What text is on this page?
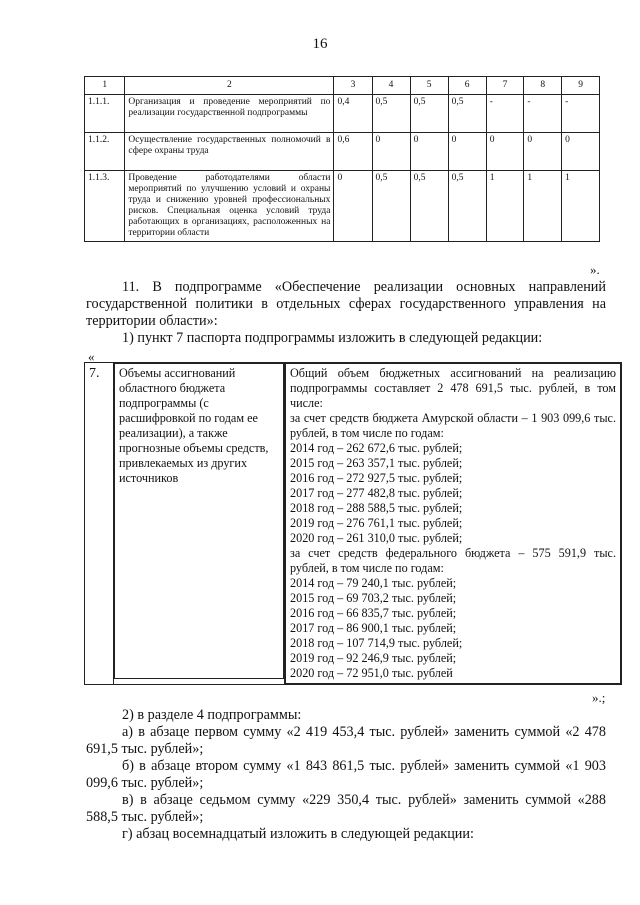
16
1	2	3	4	5	6	7	8	9
1.1.1.	Организация и проведение мероприятий по реализации государственной подпрограммы	0,4	0,5	0,5	0,5	-	-	-
1.1.2.	Осуществление государственных полномочий в сфере охраны труда	0,6	0	0	0	0	0	0
1.1.3.	Проведение работодателями области мероприятий по улучшению условий и охраны труда и снижению уровней профессиональных рисков. Специальная оценка условий труда работающих в организациях, расположенных на территории области	0	0,5	0,5	0,5	1	1	1
».
11. В подпрограмме «Обеспечение реализации основных направлений государственной политики в отдельных сферах государственного управления на территории области»:
1) пункт 7 паспорта подпрограммы изложить в следующей редакции:
«
7.	Объемы ассигнований областного бюджета подпрограммы (с расшифровкой по годам ее реализации), а также прогнозные объемы средств, привлекаемых из других источников

Общий объем бюджетных ассигнований на реализацию подпрограммы составляет 2 478 691,5 тыс. рублей, в том числе:
за счет средств бюджета Амурской области – 1 903 099,6 тыс. рублей, в том числе по годам:
2014 год – 262 672,6 тыс. рублей;
2015 год – 263 357,1 тыс. рублей;
2016 год – 272 927,5 тыс. рублей;
2017 год – 277 482,8 тыс. рублей;
2018 год – 288 588,5 тыс. рублей;
2019 год – 276 761,1 тыс. рублей;
2020 год – 261 310,0 тыс. рублей;
за счет средств федерального бюджета – 575 591,9 тыс. рублей, в том числе по годам:
2014 год – 79 240,1 тыс. рублей;
2015 год – 69 703,2 тыс. рублей;
2016 год – 66 835,7 тыс. рублей;
2017 год – 86 900,1 тыс. рублей;
2018 год – 107 714,9 тыс. рублей;
2019 год – 92 246,9 тыс. рублей;
2020 год – 72 951,0 тыс. рублей
».;
2) в разделе 4 подпрограммы:
а) в абзаце первом сумму «2 419 453,4 тыс. рублей» заменить суммой «2 478 691,5 тыс. рублей»;
б) в абзаце втором сумму «1 843 861,5 тыс. рублей» заменить суммой «1 903 099,6 тыс. рублей»;
в) в абзаце седьмом сумму «229 350,4 тыс. рублей» заменить суммой «288 588,5 тыс. рублей»;
г) абзац восемнадцатый изложить в следующей редакции:
